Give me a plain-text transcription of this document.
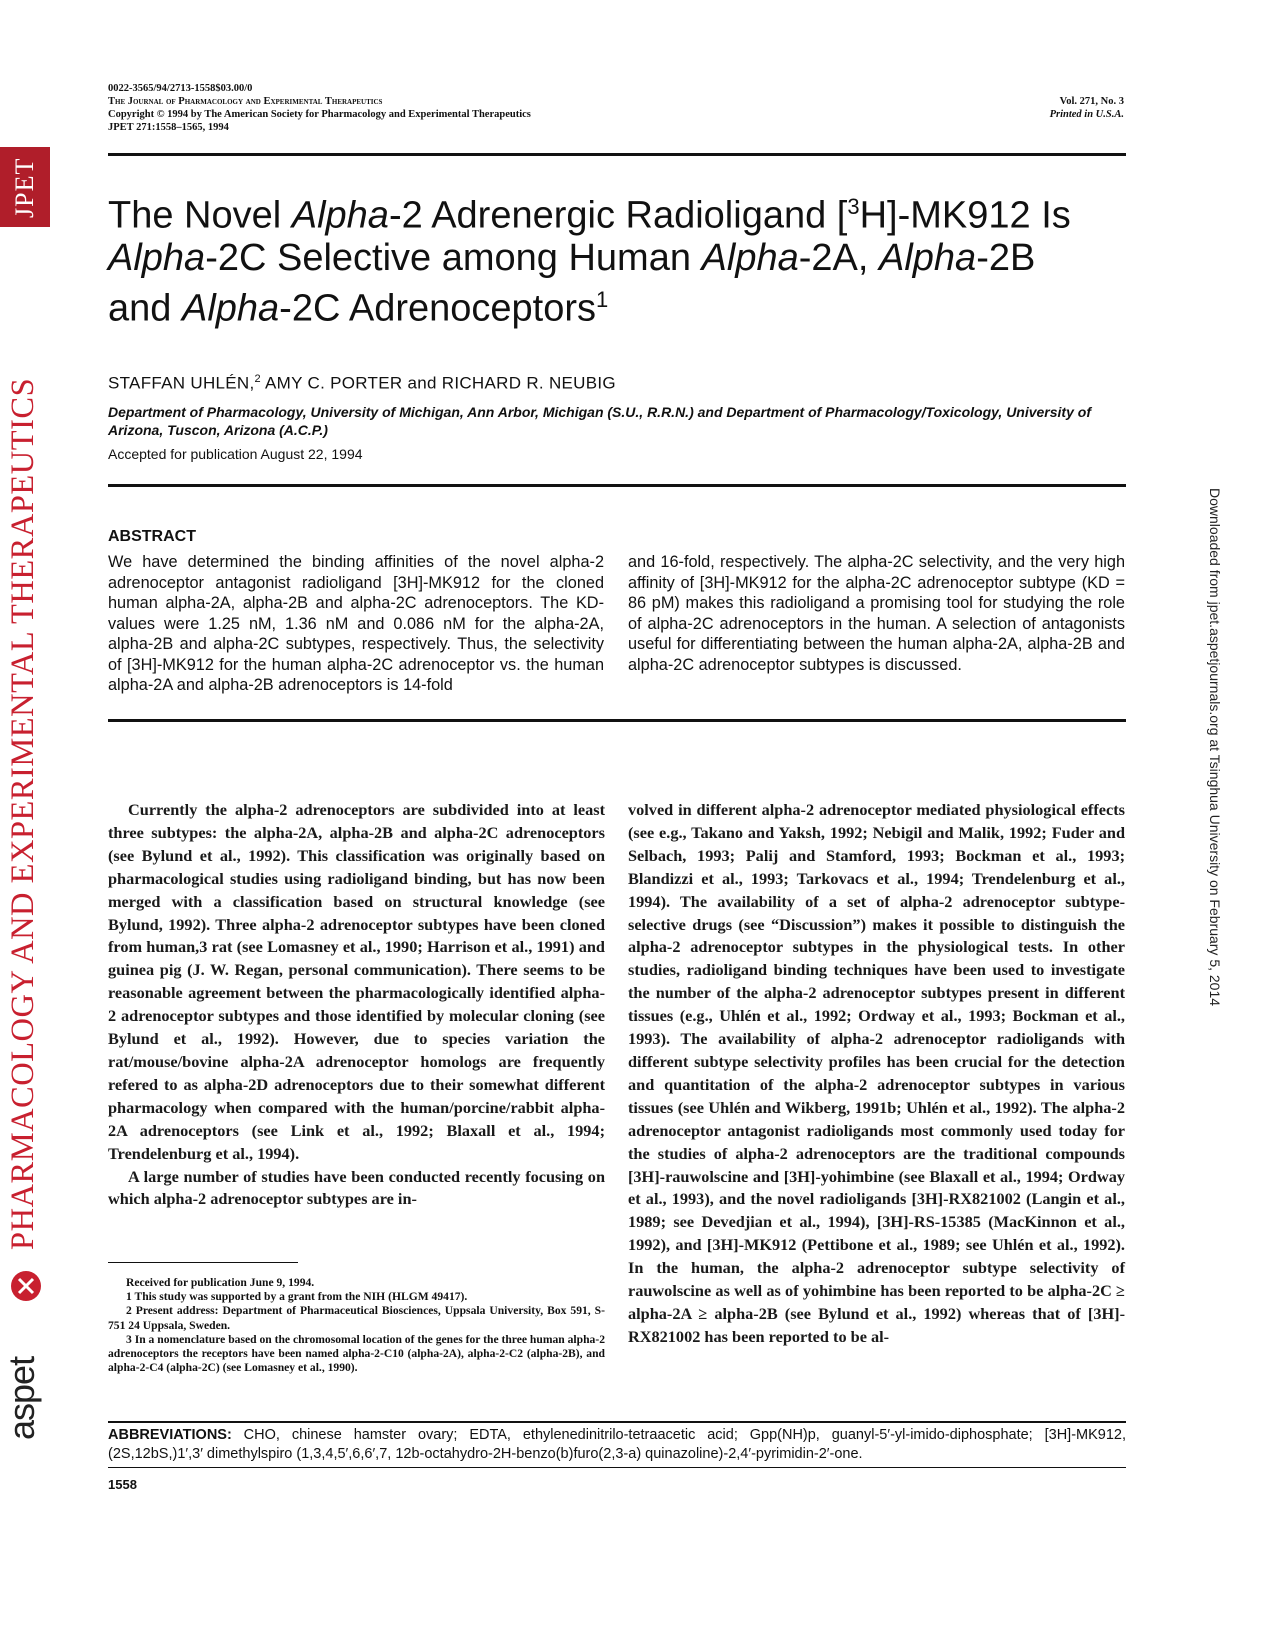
JPET
PHARMACOLOGY AND EXPERIMENTAL THERAPEUTICS
aspet
Downloaded from jpet.aspetjournals.org at Tsinghua University on February 5, 2014
0022-3565/94/2713-1558$03.00/0
The Journal of Pharmacology and Experimental Therapeutics
Copyright © 1994 by The American Society for Pharmacology and Experimental Therapeutics
JPET 271:1558–1565, 1994
Vol. 271, No. 3
Printed in U.S.A.
The Novel Alpha-2 Adrenergic Radioligand [$^3$H]-MK912 Is
Alpha-2C Selective among Human Alpha-2A, Alpha-2B
and Alpha-2C Adrenoceptors$^1$
STAFFAN UHLÉN,$^2$ AMY C. PORTER and RICHARD R. NEUBIG
Department of Pharmacology, University of Michigan, Ann Arbor, Michigan (S.U., R.R.N.) and Department of Pharmacology/Toxicology, University of Arizona, Tuscon, Arizona (A.C.P.)
Accepted for publication August 22, 1994
ABSTRACT
We have determined the binding affinities of the novel alpha-2 adrenoceptor antagonist radioligand [3H]-MK912 for the cloned human alpha-2A, alpha-2B and alpha-2C adrenoceptors. The KD-values were 1.25 nM, 1.36 nM and 0.086 nM for the alpha-2A, alpha-2B and alpha-2C subtypes, respectively. Thus, the selectivity of [3H]-MK912 for the human alpha-2C adrenoceptor vs. the human alpha-2A and alpha-2B adrenoceptors is 14-fold
and 16-fold, respectively. The alpha-2C selectivity, and the very high affinity of [3H]-MK912 for the alpha-2C adrenoceptor subtype (KD = 86 pM) makes this radioligand a promising tool for studying the role of alpha-2C adrenoceptors in the human. A selection of antagonists useful for differentiating between the human alpha-2A, alpha-2B and alpha-2C adrenoceptor subtypes is discussed.

Currently the alpha-2 adrenoceptors are subdivided into at least three subtypes: the alpha-2A, alpha-2B and alpha-2C adrenoceptors (see Bylund et al., 1992). This classification was originally based on pharmacological studies using radioligand binding, but has now been merged with a classification based on structural knowledge (see Bylund, 1992). Three alpha-2 adrenoceptor subtypes have been cloned from human,3 rat (see Lomasney et al., 1990; Harrison et al., 1991) and guinea pig (J. W. Regan, personal communication). There seems to be reasonable agreement between the pharmacologically identified alpha-2 adrenoceptor subtypes and those identified by molecular cloning (see Bylund et al., 1992). However, due to species variation the rat/mouse/bovine alpha-2A adrenoceptor homologs are frequently refered to as alpha-2D adrenoceptors due to their somewhat different pharmacology when compared with the human/porcine/rabbit alpha-2A adrenoceptors (see Link et al., 1992; Blaxall et al., 1994; Trendelenburg et al., 1994).

A large number of studies have been conducted recently focusing on which alpha-2 adrenoceptor subtypes are in-

volved in different alpha-2 adrenoceptor mediated physiological effects (see e.g., Takano and Yaksh, 1992; Nebigil and Malik, 1992; Fuder and Selbach, 1993; Palij and Stamford, 1993; Bockman et al., 1993; Blandizzi et al., 1993; Tarkovacs et al., 1994; Trendelenburg et al., 1994). The availability of a set of alpha-2 adrenoceptor subtype-selective drugs (see “Discussion”) makes it possible to distinguish the alpha-2 adrenoceptor subtypes in the physiological tests. In other studies, radioligand binding techniques have been used to investigate the number of the alpha-2 adrenoceptor subtypes present in different tissues (e.g., Uhlén et al., 1992; Ordway et al., 1993; Bockman et al., 1993). The availability of alpha-2 adrenoceptor radioligands with different subtype selectivity profiles has been crucial for the detection and quantitation of the alpha-2 adrenoceptor subtypes in various tissues (see Uhlén and Wikberg, 1991b; Uhlén et al., 1992). The alpha-2 adrenoceptor antagonist radioligands most commonly used today for the studies of alpha-2 adrenoceptors are the traditional compounds [3H]-rauwolscine and [3H]-yohimbine (see Blaxall et al., 1994; Ordway et al., 1993), and the novel radioligands [3H]-RX821002 (Langin et al., 1989; see Devedjian et al., 1994), [3H]-RS-15385 (MacKinnon et al., 1992), and [3H]-MK912 (Pettibone et al., 1989; see Uhlén et al., 1992). In the human, the alpha-2 adrenoceptor subtype selectivity of rauwolscine as well as of yohimbine has been reported to be alpha-2C ≥ alpha-2A ≥ alpha-2B (see Bylund et al., 1992) whereas that of [3H]-RX821002 has been reported to be al-

Received for publication June 9, 1994.

1 This study was supported by a grant from the NIH (HLGM 49417).

2 Present address: Department of Pharmaceutical Biosciences, Uppsala University, Box 591, S-751 24 Uppsala, Sweden.

3 In a nomenclature based on the chromosomal location of the genes for the three human alpha-2 adrenoceptors the receptors have been named alpha-2-C10 (alpha-2A), alpha-2-C2 (alpha-2B), and alpha-2-C4 (alpha-2C) (see Lomasney et al., 1990).

ABBREVIATIONS: CHO, chinese hamster ovary; EDTA, ethylenedinitrilo-tetraacetic acid; Gpp(NH)p, guanyl-5′-yl-imido-diphosphate; [3H]-MK912, (2S,12bS,)1′,3′ dimethylspiro (1,3,4,5′,6,6′,7, 12b-octahydro-2H-benzo(b)furo(2,3-a) quinazoline)-2,4′-pyrimidin-2′-one.
1558
